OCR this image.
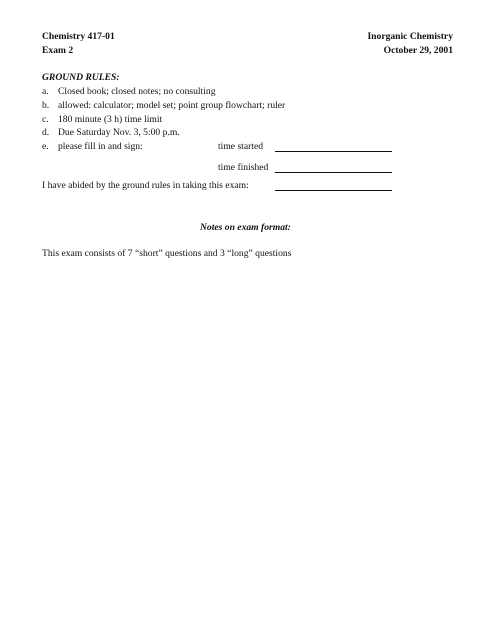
Chemistry 417-01
Exam 2
Inorganic Chemistry
October 29, 2001
GROUND RULES:
a. Closed book; closed notes; no consulting
b. allowed: calculator; model set; point group flowchart; ruler
c. 180 minute (3 h) time limit
d. Due Saturday Nov. 3, 5:00 p.m.
e. please fill in and sign:	time started
time finished
I have abided by the ground rules in taking this exam:
Notes on exam format:
This exam consists of 7 “short” questions and 3 “long” questions
